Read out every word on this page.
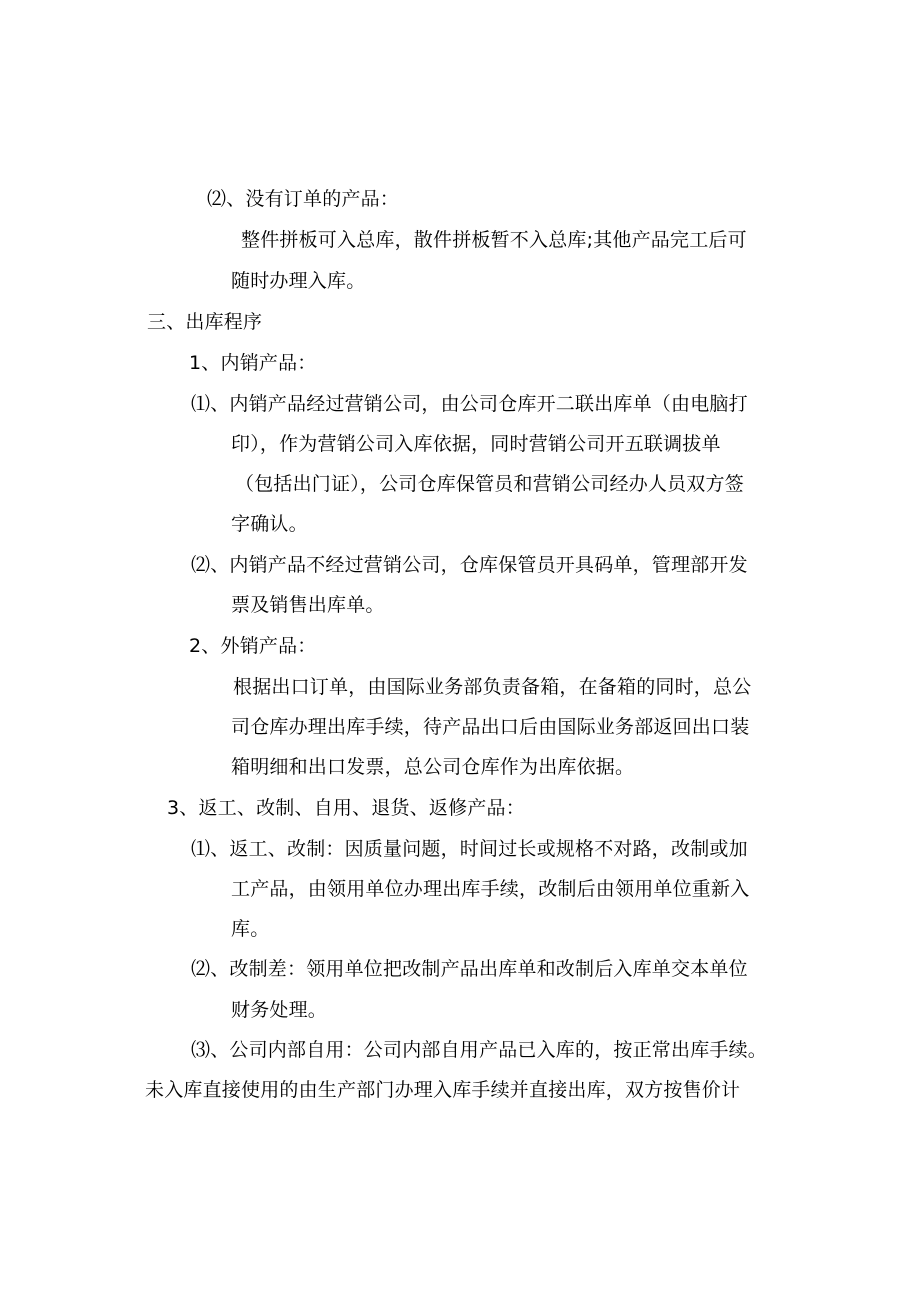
⑵、没有订单的产品：
整件拼板可入总库，散件拼板暂不入总库;其他产品完工后可
随时办理入库。
三、出库程序
1、内销产品：
⑴、内销产品经过营销公司，由公司仓库开二联出库单（由电脑打
印），作为营销公司入库依据，同时营销公司开五联调拔单
（包括出门证），公司仓库保管员和营销公司经办人员双方签
字确认。
⑵、内销产品不经过营销公司，仓库保管员开具码单，管理部开发
票及销售出库单。
2、外销产品：
根据出口订单，由国际业务部负责备箱，在备箱的同时，总公
司仓库办理出库手续，待产品出口后由国际业务部返回出口装
箱明细和出口发票，总公司仓库作为出库依据。
3、返工、改制、自用、退货、返修产品：
⑴、返工、改制：因质量问题，时间过长或规格不对路，改制或加
工产品，由领用单位办理出库手续，改制后由领用单位重新入
库。
⑵、改制差：领用单位把改制产品出库单和改制后入库单交本单位
财务处理。
⑶、公司内部自用：公司内部自用产品已入库的，按正常出库手续。
未入库直接使用的由生产部门办理入库手续并直接出库，双方按售价计
